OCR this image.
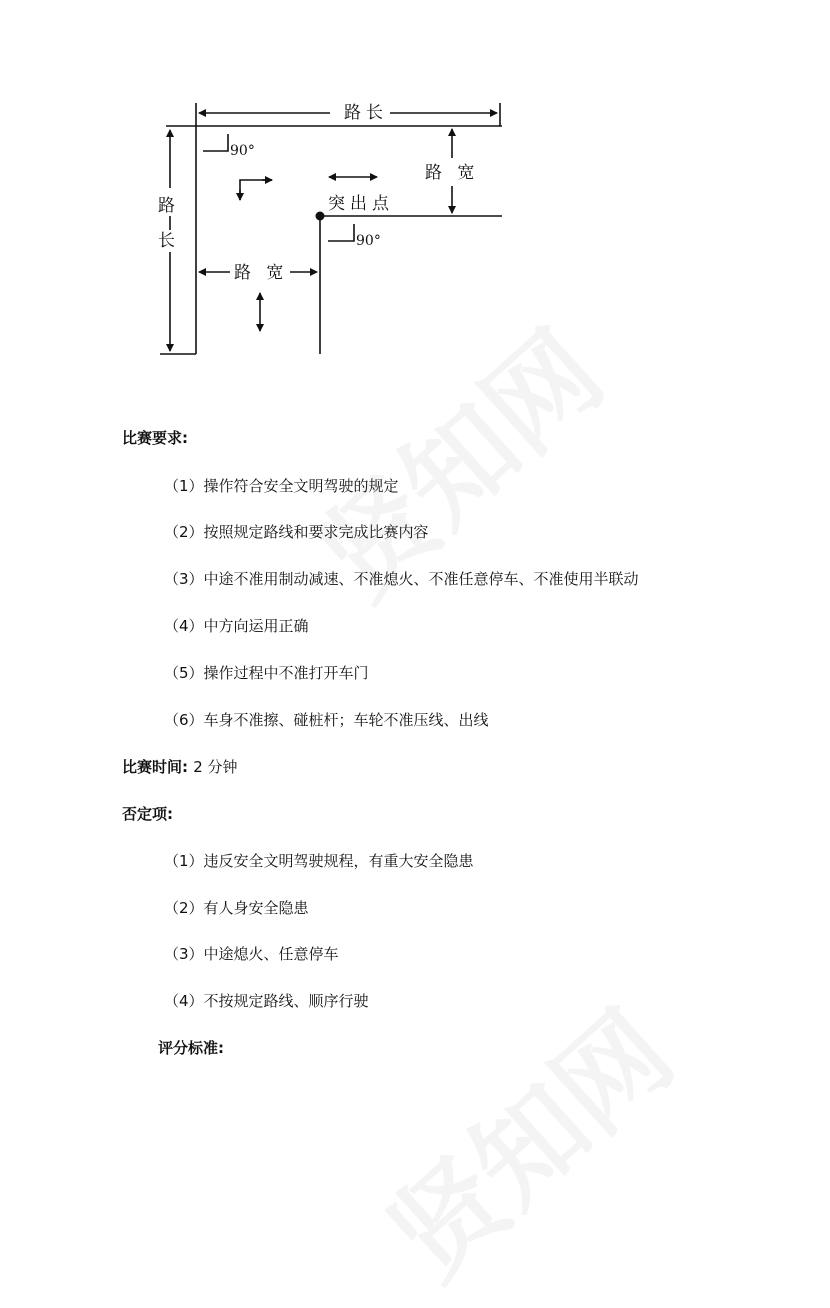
路长
路
长
路 宽
路 宽
突出点
90°
90°
比赛要求:
（1）操作符合安全文明驾驶的规定
（2）按照规定路线和要求完成比赛内容
（3）中途不准用制动减速、不准熄火、不准任意停车、不准使用半联动
（4）中方向运用正确
（5）操作过程中不准打开车门
（6）车身不准擦、碰桩杆；车轮不准压线、出线
比赛时间: 2 分钟
否定项:
（1）违反安全文明驾驶规程，有重大安全隐患
（2）有人身安全隐患
（3）中途熄火、任意停车
（4）不按规定路线、顺序行驶
评分标准:
